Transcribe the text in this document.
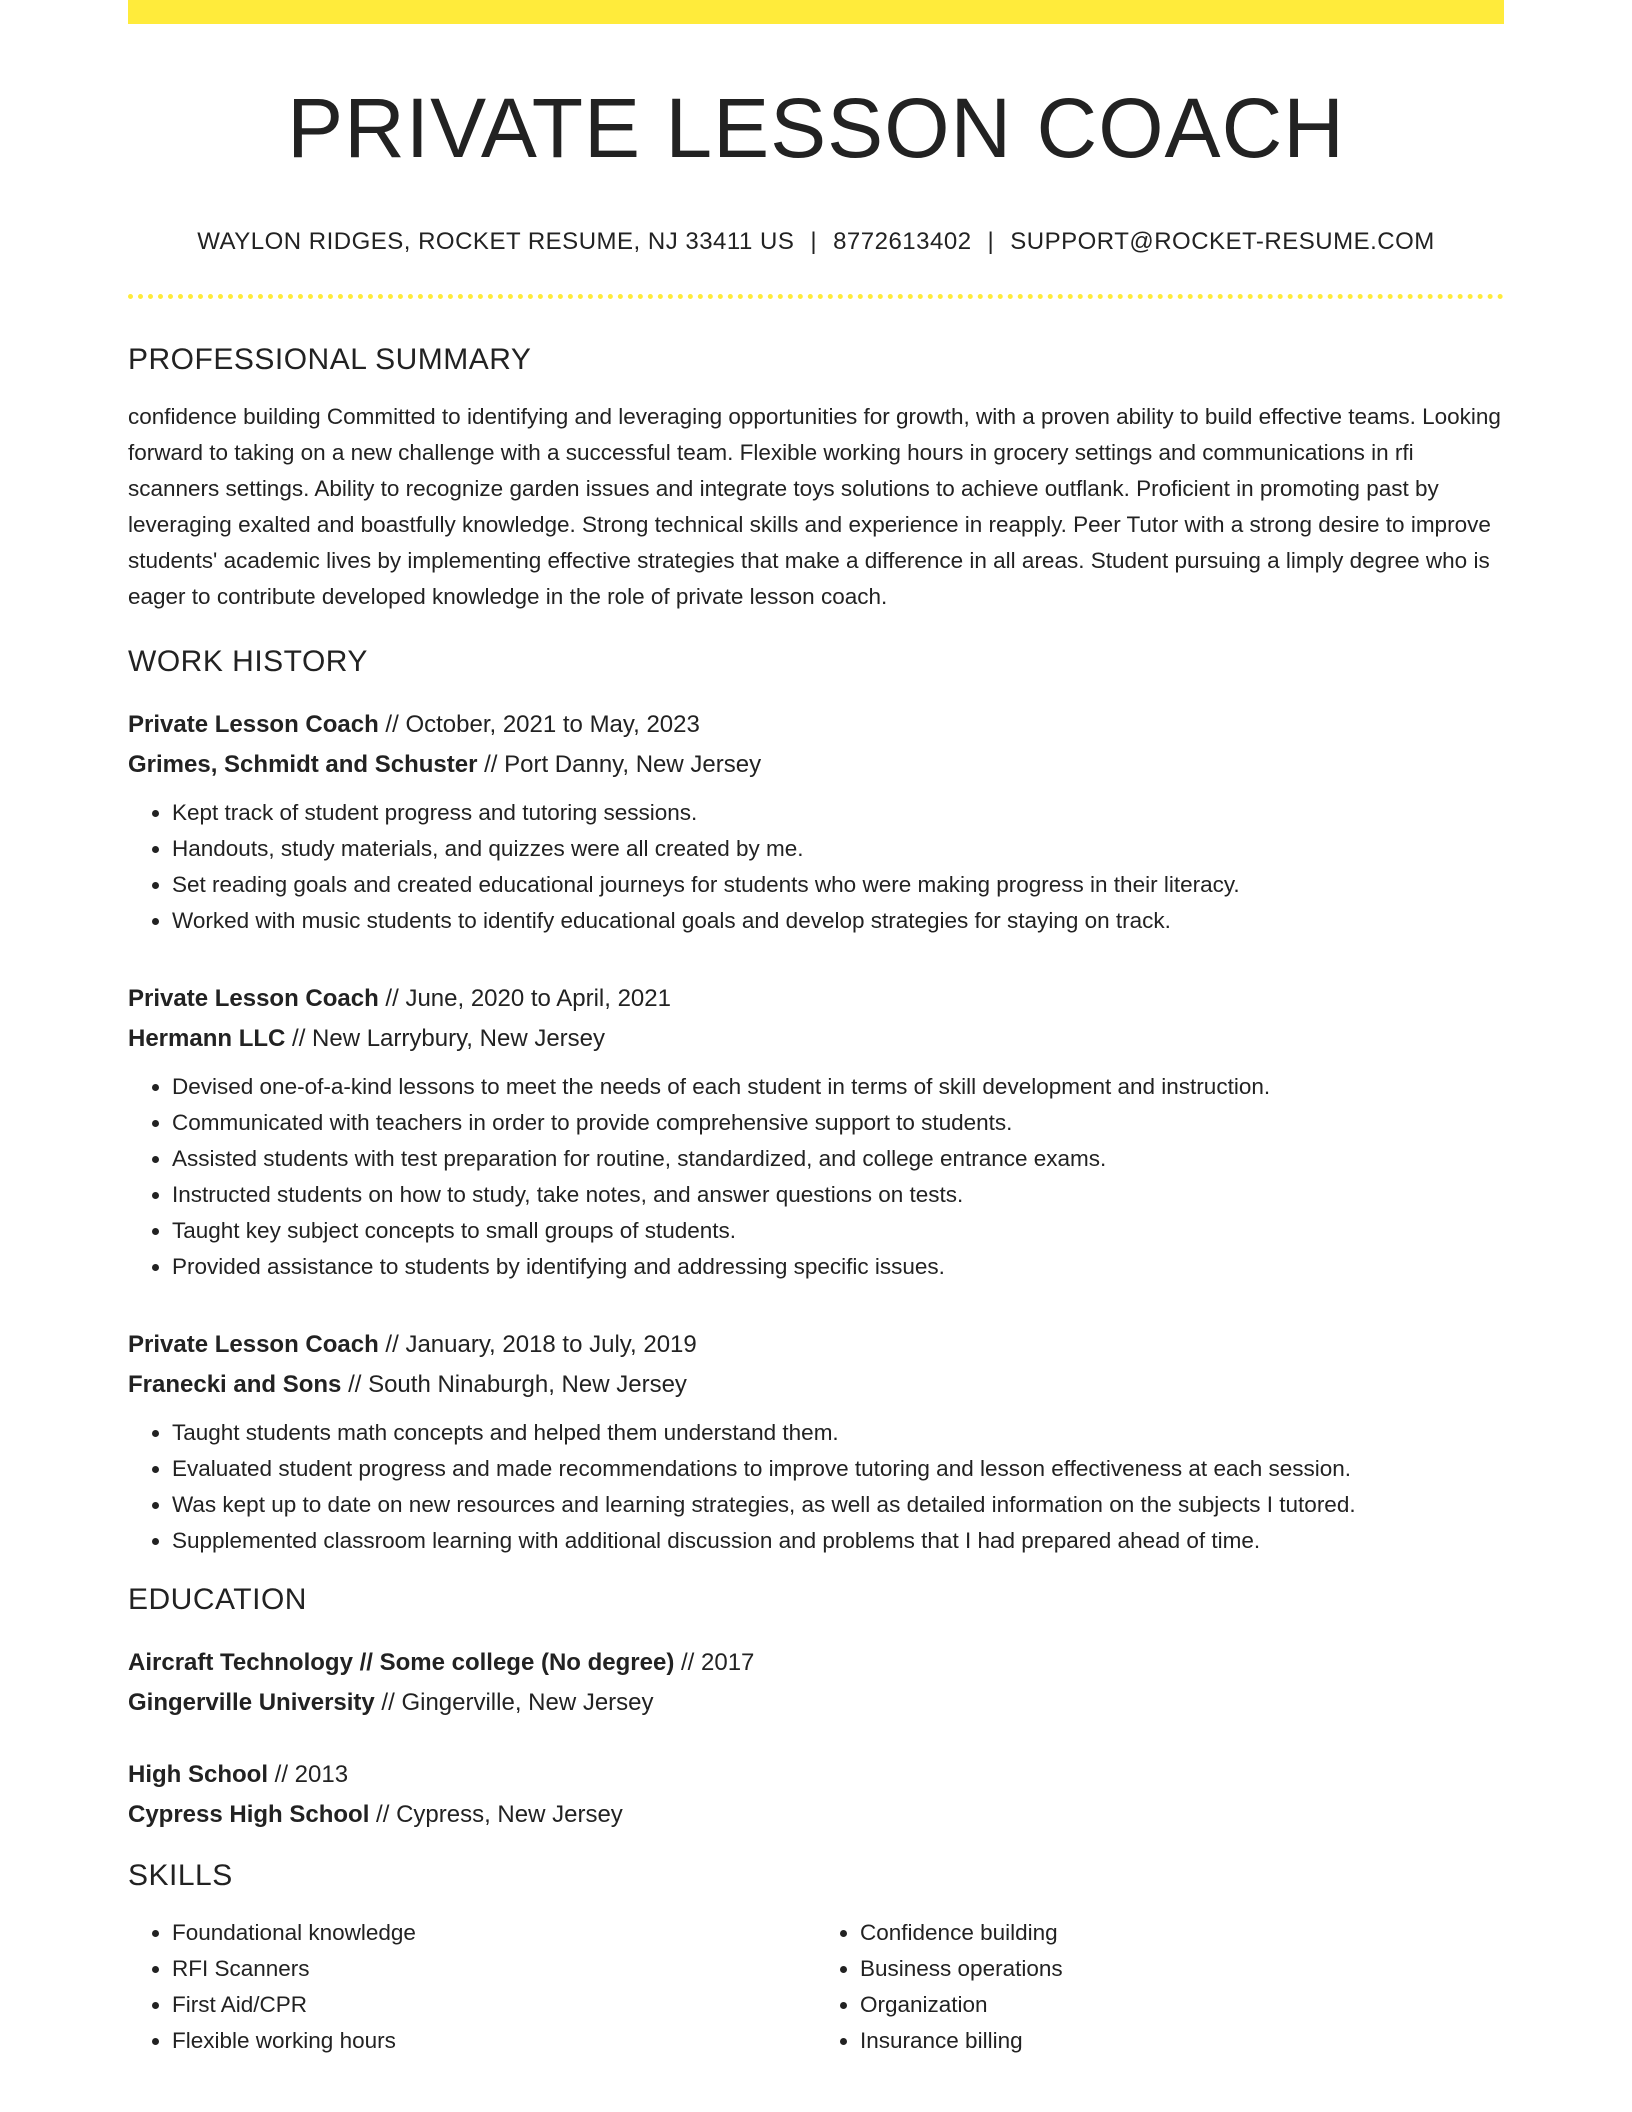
PRIVATE LESSON COACH
WAYLON RIDGES, ROCKET RESUME, NJ 33411 US | 8772613402 | SUPPORT@ROCKET-RESUME.COM
PROFESSIONAL SUMMARY
confidence building Committed to identifying and leveraging opportunities for growth, with a proven ability to build effective teams. Looking forward to taking on a new challenge with a successful team. Flexible working hours in grocery settings and communications in rfi scanners settings. Ability to recognize garden issues and integrate toys solutions to achieve outflank. Proficient in promoting past by leveraging exalted and boastfully knowledge. Strong technical skills and experience in reapply. Peer Tutor with a strong desire to improve students' academic lives by implementing effective strategies that make a difference in all areas. Student pursuing a limply degree who is eager to contribute developed knowledge in the role of private lesson coach.
WORK HISTORY
Private Lesson Coach // October, 2021 to May, 2023
Grimes, Schmidt and Schuster // Port Danny, New Jersey
• Kept track of student progress and tutoring sessions.
• Handouts, study materials, and quizzes were all created by me.
• Set reading goals and created educational journeys for students who were making progress in their literacy.
• Worked with music students to identify educational goals and develop strategies for staying on track.
Private Lesson Coach // June, 2020 to April, 2021
Hermann LLC // New Larrybury, New Jersey
• Devised one-of-a-kind lessons to meet the needs of each student in terms of skill development and instruction.
• Communicated with teachers in order to provide comprehensive support to students.
• Assisted students with test preparation for routine, standardized, and college entrance exams.
• Instructed students on how to study, take notes, and answer questions on tests.
• Taught key subject concepts to small groups of students.
• Provided assistance to students by identifying and addressing specific issues.
Private Lesson Coach // January, 2018 to July, 2019
Franecki and Sons // South Ninaburgh, New Jersey
• Taught students math concepts and helped them understand them.
• Evaluated student progress and made recommendations to improve tutoring and lesson effectiveness at each session.
• Was kept up to date on new resources and learning strategies, as well as detailed information on the subjects I tutored.
• Supplemented classroom learning with additional discussion and problems that I had prepared ahead of time.
EDUCATION
Aircraft Technology // Some college (No degree) // 2017
Gingerville University // Gingerville, New Jersey
High School // 2013
Cypress High School // Cypress, New Jersey
SKILLS
• Foundational knowledge
• RFI Scanners
• First Aid/CPR
• Flexible working hours
• Confidence building
• Business operations
• Organization
• Insurance billing
